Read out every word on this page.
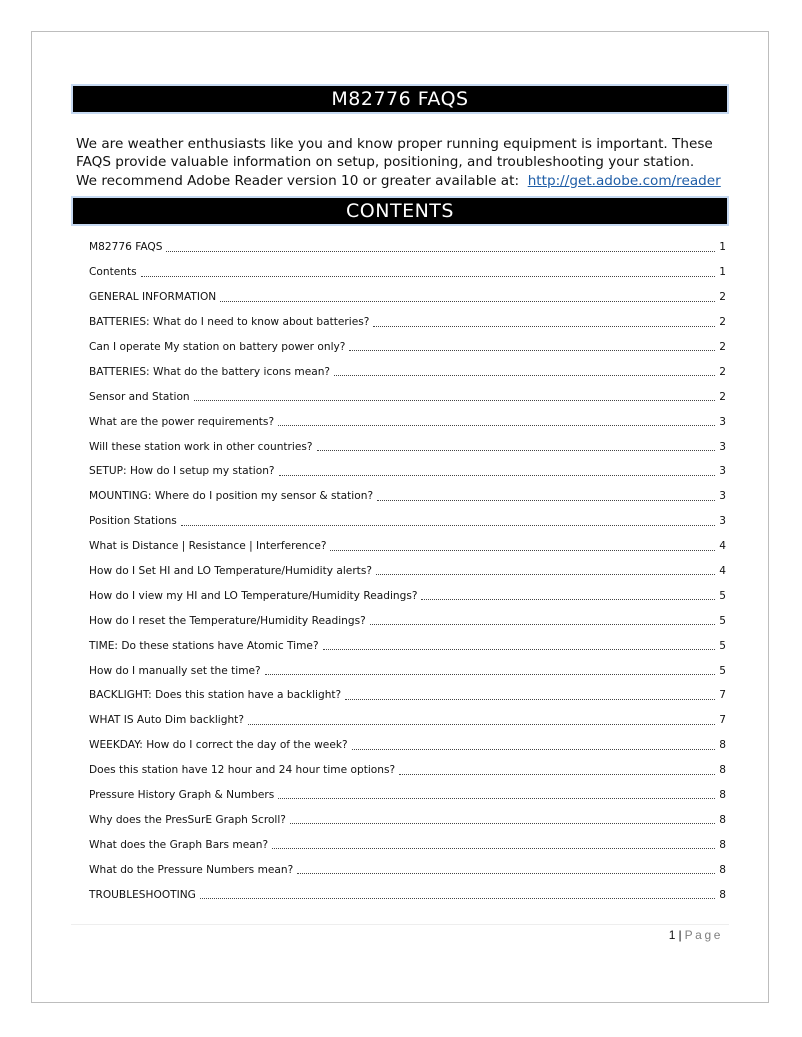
M82776 FAQS
We are weather enthusiasts like you and know proper running equipment is important. These
FAQS provide valuable information on setup, positioning, and troubleshooting your station.
We recommend Adobe Reader version 10 or greater available at: http://get.adobe.com/reader
CONTENTS
M82776 FAQS	1
Contents	1
GENERAL INFORMATION	2
BATTERIES: What do I need to know about batteries?	2
Can I operate My station on battery power only?	2
BATTERIES: What do the battery icons mean?	2
Sensor and Station	2
What are the power requirements?	3
Will these station work in other countries?	3
SETUP: How do I setup my station?	3
MOUNTING: Where do I position my sensor & station?	3
Position Stations	3
What is Distance | Resistance | Interference?	4
How do I Set HI and LO Temperature/Humidity alerts?	4
How do I view my HI and LO Temperature/Humidity Readings?	5
How do I reset the Temperature/Humidity Readings?	5
TIME: Do these stations have Atomic Time?	5
How do I manually set the time?	5
BACKLIGHT: Does this station have a backlight?	7
WHAT IS Auto Dim backlight?	7
WEEKDAY: How do I correct the day of the week?	8
Does this station have 12 hour and 24 hour time options?	8
Pressure History Graph & Numbers	8
Why does the PresSurE Graph Scroll?	8
What does the Graph Bars mean?	8
What do the Pressure Numbers mean?	8
TROUBLESHOOTING	8
1 | Page
